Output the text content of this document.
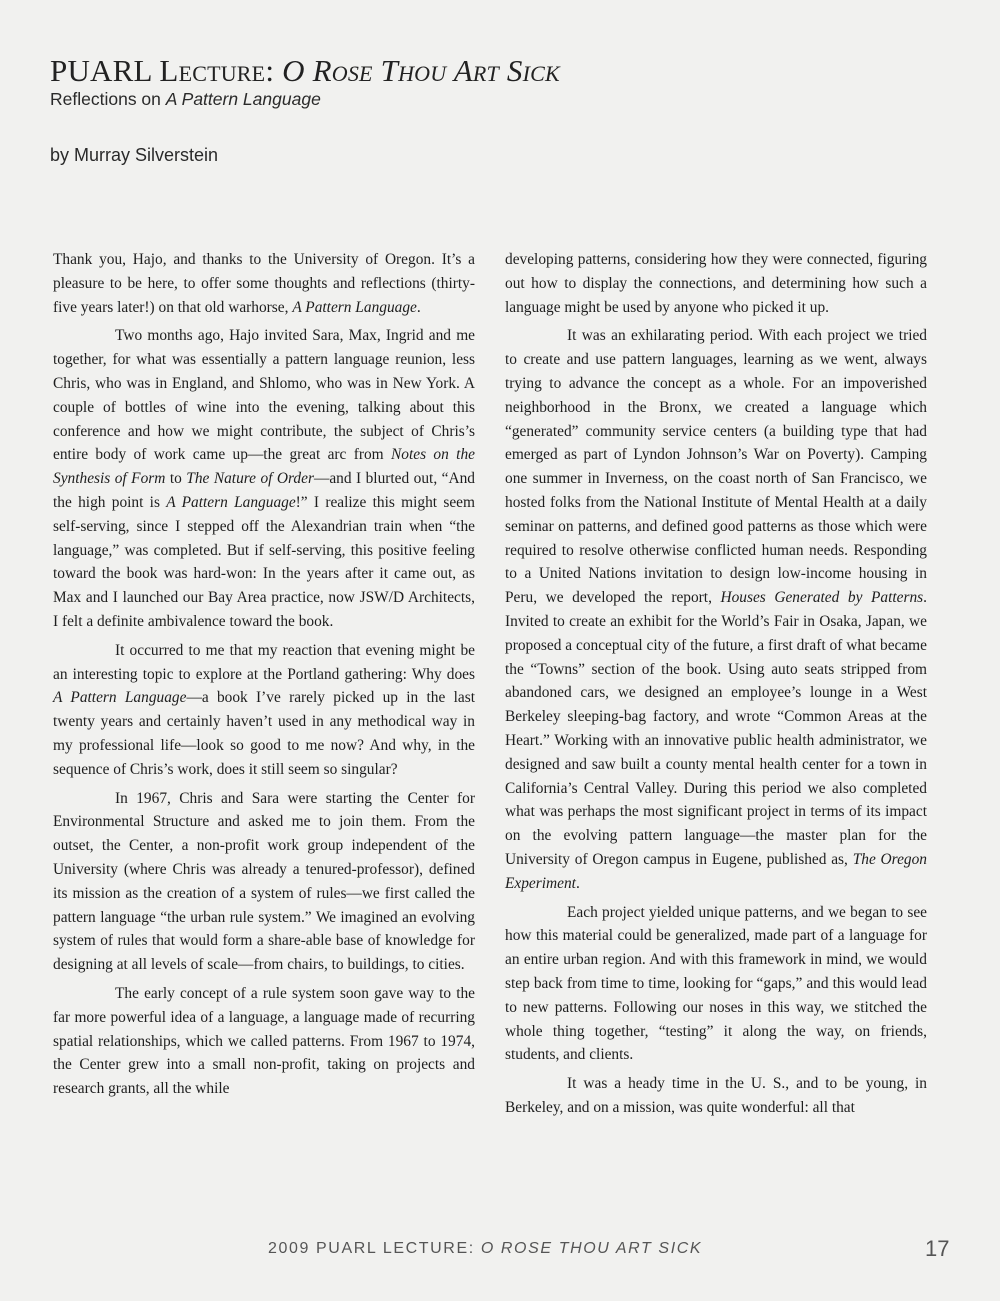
PUARL Lecture: O Rose Thou Art Sick
Reflections on A Pattern Language
by Murray Silverstein

Thank you, Hajo, and thanks to the University of Oregon. It’s a pleasure to be here, to offer some thoughts and reflections (thirty-five years later!) on that old warhorse, A Pattern Language.

Two months ago, Hajo invited Sara, Max, Ingrid and me together, for what was essentially a pattern language reunion, less Chris, who was in England, and Shlomo, who was in New York. A couple of bottles of wine into the evening, talking about this conference and how we might contribute, the subject of Chris’s entire body of work came up—the great arc from Notes on the Synthesis of Form to The Nature of Order—and I blurted out, “And the high point is A Pattern Language!” I realize this might seem self-serving, since I stepped off the Alexandrian train when “the language,” was completed. But if self-serving, this positive feeling toward the book was hard-won: In the years after it came out, as Max and I launched our Bay Area practice, now JSW/D Architects, I felt a definite ambivalence toward the book.

It occurred to me that my reaction that evening might be an interesting topic to explore at the Portland gathering: Why does A Pattern Language—a book I’ve rarely picked up in the last twenty years and certainly haven’t used in any methodical way in my professional life—look so good to me now? And why, in the sequence of Chris’s work, does it still seem so singular?

In 1967, Chris and Sara were starting the Center for Environmental Structure and asked me to join them. From the outset, the Center, a non-profit work group independent of the University (where Chris was already a tenured-professor), defined its mission as the creation of a system of rules—we first called the pattern language “the urban rule system.” We imagined an evolving system of rules that would form a share-able base of knowledge for designing at all levels of scale—from chairs, to buildings, to cities.

The early concept of a rule system soon gave way to the far more powerful idea of a language, a language made of recurring spatial relationships, which we called patterns. From 1967 to 1974, the Center grew into a small non-profit, taking on projects and research grants, all the while

developing patterns, considering how they were connected, figuring out how to display the connections, and determining how such a language might be used by anyone who picked it up.

It was an exhilarating period. With each project we tried to create and use pattern languages, learning as we went, always trying to advance the concept as a whole. For an impoverished neighborhood in the Bronx, we created a language which “generated” community service centers (a building type that had emerged as part of Lyndon Johnson’s War on Poverty). Camping one summer in Inverness, on the coast north of San Francisco, we hosted folks from the National Institute of Mental Health at a daily seminar on patterns, and defined good patterns as those which were required to resolve otherwise conflicted human needs. Responding to a United Nations invitation to design low-income housing in Peru, we developed the report, Houses Generated by Patterns. Invited to create an exhibit for the World’s Fair in Osaka, Japan, we proposed a conceptual city of the future, a first draft of what became the “Towns” section of the book. Using auto seats stripped from abandoned cars, we designed an employee’s lounge in a West Berkeley sleeping-bag factory, and wrote “Common Areas at the Heart.” Working with an innovative public health administrator, we designed and saw built a county mental health center for a town in California’s Central Valley. During this period we also completed what was perhaps the most significant project in terms of its impact on the evolving pattern language—the master plan for the University of Oregon campus in Eugene, published as, The Oregon Experiment.

Each project yielded unique patterns, and we began to see how this material could be generalized, made part of a language for an entire urban region. And with this framework in mind, we would step back from time to time, looking for “gaps,” and this would lead to new patterns. Following our noses in this way, we stitched the whole thing together, “testing” it along the way, on friends, students, and clients.

It was a heady time in the U. S., and to be young, in Berkeley, and on a mission, was quite wonderful: all that

2009 PUARL LECTURE: O ROSE THOU ART SICK	17
